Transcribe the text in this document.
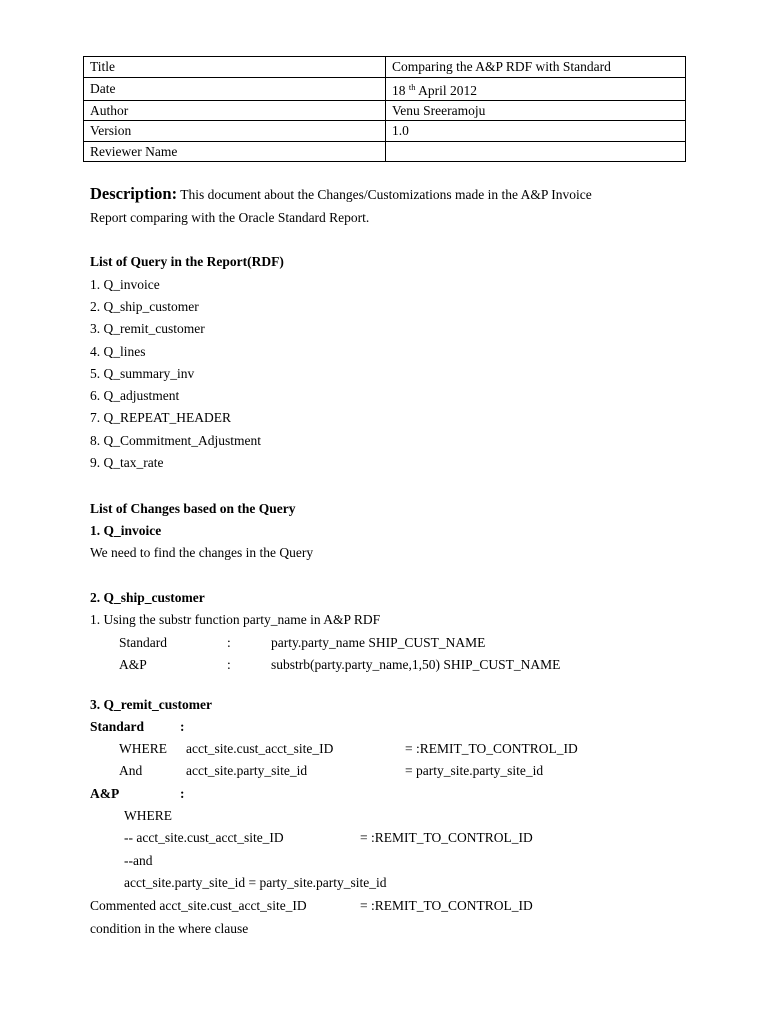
Title	Comparing the A&P RDF with Standard
Date	18 $^{th}$ April 2012
Author	Venu Sreeramoju
Version	1.0
Reviewer Name	
Description: This document about the Changes/Customizations made in the A&P Invoice
Report comparing with the Oracle Standard Report.
List of Query in the Report(RDF)
1. Q_invoice
2. Q_ship_customer
3. Q_remit_customer
4. Q_lines
5. Q_summary_inv
6. Q_adjustment
7. Q_REPEAT_HEADER
8. Q_Commitment_Adjustment
9. Q_tax_rate
List of Changes based on the Query
1. Q_invoice
We need to find the changes in the Query
2. Q_ship_customer
1. Using the substr function party_name in A&P RDF
Standard	:	party.party_name SHIP_CUST_NAME
A&P	:	substrb(party.party_name,1,50) SHIP_CUST_NAME
3. Q_remit_customer
Standard	:
WHERE acct_site.cust_acct_site_ID	= :REMIT_TO_CONTROL_ID
And	acct_site.party_site_id	= party_site.party_site_id
A&P	:
WHERE
-- acct_site.cust_acct_site_ID	= :REMIT_TO_CONTROL_ID
--and
acct_site.party_site_id = party_site.party_site_id
Commented acct_site.cust_acct_site_ID	= :REMIT_TO_CONTROL_ID
condition in the where clause
